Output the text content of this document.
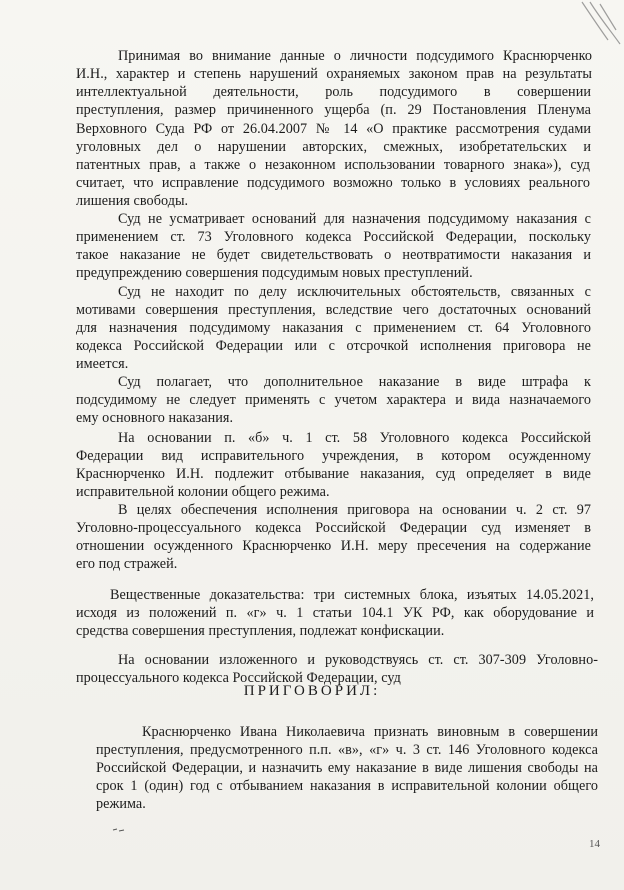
Принимая во внимание данные о личности подсудимого Краснюрченко
И.Н., характер и степень нарушений охраняемых законом прав на результаты
интеллектуальной деятельности, роль подсудимого в совершении
преступления, размер причиненного ущерба (п. 29 Постановления Пленума
Верховного Суда РФ от 26.04.2007 № 14 «О практике рассмотрения судами
уголовных дел о нарушении авторских, смежных, изобретательских и
патентных прав, а также о незаконном использовании товарного знака»), суд
считает, что исправление подсудимого возможно только в условиях реального
лишения свободы.
Суд не усматривает оснований для назначения подсудимому наказания с
применением ст. 73 Уголовного кодекса Российской Федерации, поскольку
такое наказание не будет свидетельствовать о неотвратимости наказания и
предупреждению совершения подсудимым новых преступлений.
Суд не находит по делу исключительных обстоятельств, связанных с
мотивами совершения преступления, вследствие чего достаточных оснований
для назначения подсудимому наказания с применением ст. 64 Уголовного
кодекса Российской Федерации или с отсрочкой исполнения приговора не
имеется.
Суд полагает, что дополнительное наказание в виде штрафа к
подсудимому не следует применять с учетом характера и вида назначаемого
ему основного наказания.
На основании п. «б» ч. 1 ст. 58 Уголовного кодекса Российской
Федерации вид исправительного учреждения, в котором осужденному
Краснюрченко И.Н. подлежит отбывание наказания, суд определяет в виде
исправительной колонии общего режима.
В целях обеспечения исполнения приговора на основании ч. 2 ст. 97
Уголовно-процессуального кодекса Российской Федерации суд изменяет в
отношении осужденного Краснюрченко И.Н. меру пресечения на содержание
его под стражей.
Вещественные доказательства: три системных блока, изъятых 14.05.2021,
исходя из положений п. «г» ч. 1 статьи 104.1 УК РФ, как оборудование и
средства совершения преступления, подлежат конфискации.
На основании изложенного и руководствуясь ст. ст. 307-309 Уголовно-
процессуального кодекса Российской Федерации, суд
ПРИГОВОРИЛ:
Краснюрченко Ивана Николаевича признать виновным в совершении
преступления, предусмотренного п.п. «в», «г» ч. 3 ст. 146 Уголовного кодекса
Российской Федерации, и назначить ему наказание в виде лишения свободы на
срок 1 (один) год с отбыванием наказания в исправительной колонии общего
режима.
14
